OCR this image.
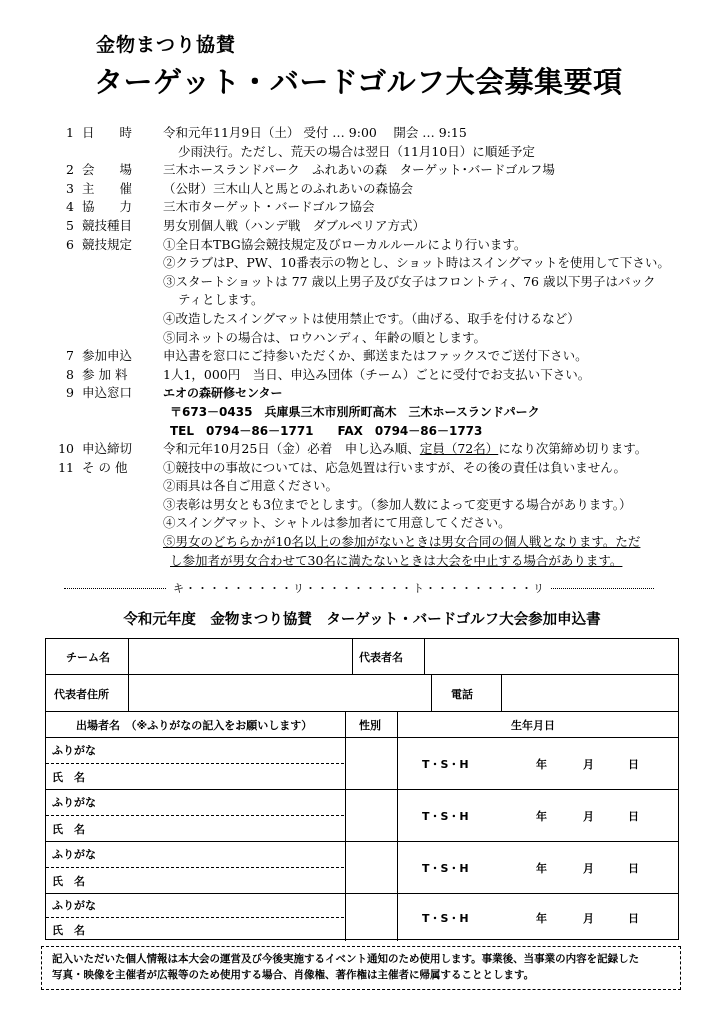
金物まつり協賛
ターゲット・バードゴルフ大会募集要項
1 日　　時 令和元年11月9日（土） 受付 … 9:00　 開会 … 9:15
少雨決行。ただし、荒天の場合は翌日（11月10日）に順延予定
2 会　　場 三木ホースランドパーク　ふれあいの森　ターゲット･バードゴルフ場
3 主　　催 （公財）三木山人と馬とのふれあいの森協会
4 協　　力 三木市ターゲット・バードゴルフ協会
5 競技種目 男女別個人戦（ハンデ戦　ダブルペリア方式）
6 競技規定 ①全日本TBG協会競技規定及びローカルルールにより行います。
②クラブはP、PW、10番表示の物とし、ショット時はスイングマットを使用して下さい。
③スタートショットは 77 歳以上男子及び女子はフロントティ、76 歳以下男子はバック
ティとします。
④改造したスイングマットは使用禁止です。（曲げる、取手を付けるなど）
⑤同ネットの場合は、ロウハンディ、年齢の順とします。
7 参加申込 申込書を窓口にご持参いただくか、郵送またはファックスでご送付下さい。
8 参 加 料	1人1，000円　当日、申込み団体（チーム）ごとに受付でお支払い下さい。
9 申込窓口	エオの森研修センター
〒673－0435　兵庫県三木市別所町高木　三木ホースランドパーク
TEL　0794－86－1771　　FAX　0794－86－1773
10 申込締切 令和元年10月25日（金）必着　申し込み順、定員（72名）になり次第締め切ります。
11 そ の 他	①競技中の事故については、応急処置は行いますが、その後の責任は負いません。
②雨具は各自ご用意ください。
③表彰は男女とも3位までとします。（参加人数によって変更する場合があります。）
④スイングマット、シャトルは参加者にて用意してください。
⑤男女のどちらかが10名以上の参加がないときは男女合同の個人戦となります。ただ
し参加者が男女合わせて30名に満たないときは大会を中止する場合があります。
キ・・・・・・・・・リ・・・・・・・・・ト・・・・・・・・・リ
令和元年度　金物まつり協賛　ターゲット・バードゴルフ大会参加申込書
チーム名	代表者名
代表者住所	電話
出場者名　（※ふりがなの記入をお願いします）	性別	生年月日
ふりがな
氏　名
T・S・H	年	月	日
ふりがな
氏　名
T・S・H	年	月	日
ふりがな
氏　名
T・S・H	年	月	日
ふりがな
氏　名
T・S・H	年	月	日
記入いただいた個人情報は本大会の運営及び今後実施するイベント通知のため使用します。事業後、当事業の内容を記録した
写真・映像を主催者が広報等のため使用する場合、肖像権、著作権は主催者に帰属することとします。
